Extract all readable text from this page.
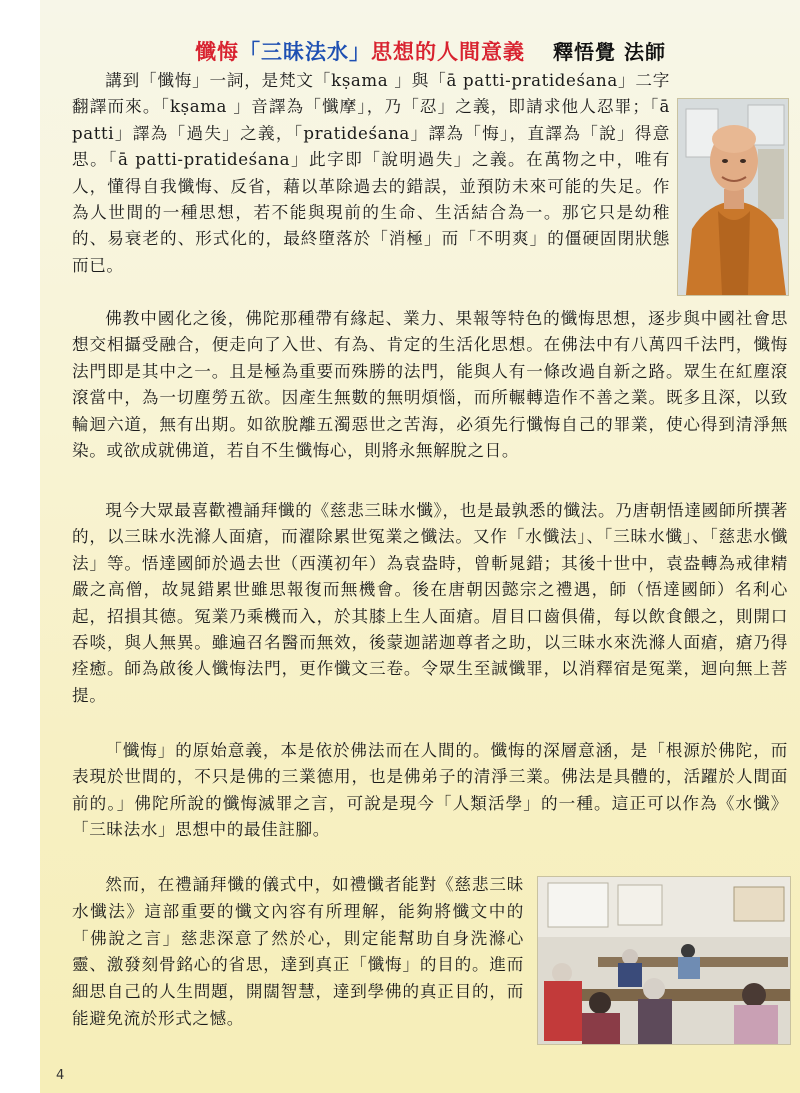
懺悔「三昧法水」思想的人間意義 釋悟覺 法師

講到「懺悔」一詞，是梵文「kṣama 」與「ā patti-pratideśana」二字翻譯而來。「kṣama 」音譯為「懺摩」，乃「忍」之義，即請求他人忍罪；「ā patti」譯為「過失」之義，「pratideśana」譯為「悔」，直譯為「說」得意思。「ā patti-pratideśana」此字即「說明過失」之義。在萬物之中，唯有人，懂得自我懺悔、反省，藉以革除過去的錯誤，並預防未來可能的失足。作為人世間的一種思想，若不能與現前的生命、生活結合為一。那它只是幼稚的、易衰老的、形式化的，最終墮落於「消極」而「不明爽」的僵硬固閉狀態而已。

佛教中國化之後，佛陀那種帶有緣起、業力、果報等特色的懺悔思想，逐步與中國社會思想交相攝受融合，便走向了入世、有為、肯定的生活化思想。在佛法中有八萬四千法門，懺悔法門即是其中之一。且是極為重要而殊勝的法門，能與人有一條改過自新之路。眾生在紅塵滾滾當中，為一切塵勞五欲。因產生無數的無明煩惱，而所輾轉造作不善之業。既多且深，以致輪迴六道，無有出期。如欲脫離五濁惡世之苦海，必須先行懺悔自己的罪業，使心得到清淨無染。或欲成就佛道，若自不生懺悔心，則將永無解脫之日。

現今大眾最喜歡禮誦拜懺的《慈悲三昧水懺》，也是最孰悉的懺法。乃唐朝悟達國師所撰著的，以三昧水洗滌人面瘡，而濯除累世冤業之懺法。又作「水懺法」、「三昧水懺」、「慈悲水懺法」等。悟達國師於過去世（西漢初年）為袁盎時，曾斬晁錯；其後十世中，袁盎轉為戒律精嚴之高僧，故晁錯累世雖思報復而無機會。後在唐朝因懿宗之禮遇，師（悟達國師）名利心起，招損其德。冤業乃乘機而入，於其膝上生人面瘡。眉目口齒俱備，每以飲食餵之，則開口吞啖，與人無異。雖遍召名醫而無效，後蒙迦諾迦尊者之助，以三昧水來洗滌人面瘡，瘡乃得痊癒。師為啟後人懺悔法門，更作懺文三卷。令眾生至誠懺罪，以消釋宿是冤業，迴向無上菩提。

「懺悔」的原始意義，本是依於佛法而在人間的。懺悔的深層意涵，是「根源於佛陀，而表現於世間的，不只是佛的三業德用，也是佛弟子的清淨三業。佛法是具體的，活躍於人間面前的。」佛陀所說的懺悔滅罪之言，可說是現今「人類活學」的一種。這正可以作為《水懺》「三昧法水」思想中的最佳註腳。

然而，在禮誦拜懺的儀式中，如禮懺者能對《慈悲三昧水懺法》這部重要的懺文內容有所理解，能夠將懺文中的「佛說之言」慈悲深意了然於心，則定能幫助自身洗滌心靈、激發刻骨銘心的省思，達到真正「懺悔」的目的。進而細思自己的人生問題，開闊智慧，達到學佛的真正目的，而能避免流於形式之憾。

4
